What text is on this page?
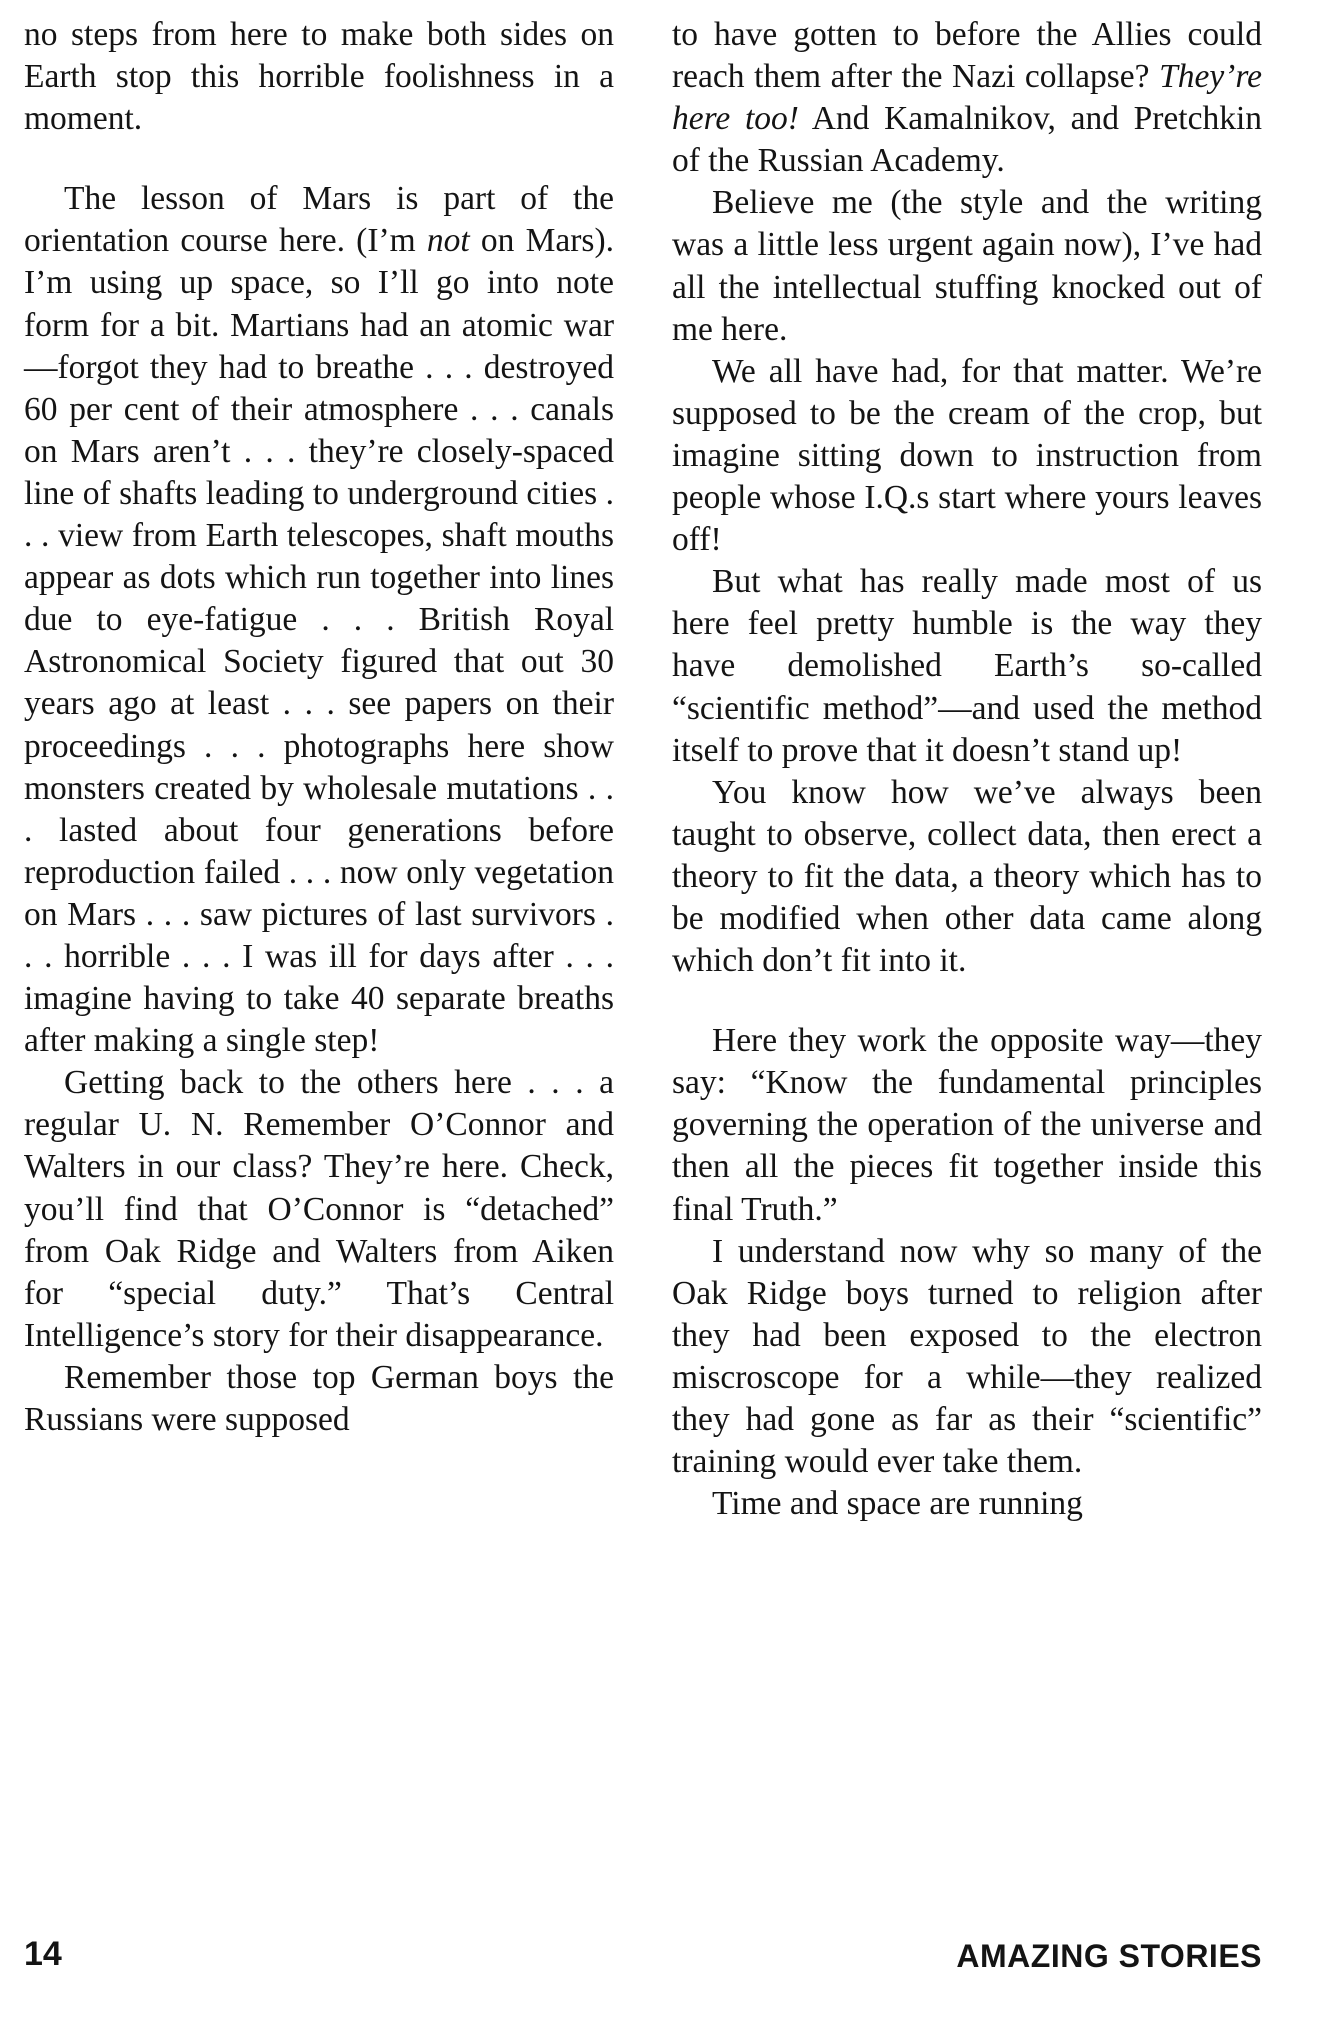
no steps from here to make both sides on Earth stop this horrible foolishness in a moment.

The lesson of Mars is part of the orientation course here. (I’m not on Mars). I’m using up space, so I’ll go into note form for a bit. Martians had an atomic war—forgot they had to breathe . . . destroyed 60 per cent of their atmosphere . . . canals on Mars aren’t . . . they’re closely-spaced line of shafts leading to underground cities . . . view from Earth telescopes, shaft mouths appear as dots which run together into lines due to eye-fatigue . . . British Royal Astronomical Society figured that out 30 years ago at least . . . see papers on their proceedings . . . photographs here show monsters created by wholesale mutations . . . lasted about four generations before reproduction failed . . . now only vegetation on Mars . . . saw pictures of last survivors . . . horrible . . . I was ill for days after . . . imagine having to take 40 separate breaths after making a single step!

Getting back to the others here . . . a regular U. N. Remember O’Connor and Walters in our class? They’re here. Check, you’ll find that O’Connor is “detached” from Oak Ridge and Walters from Aiken for “special duty.” That’s Central Intelligence’s story for their disappearance.

Remember those top German boys the Russians were supposed

to have gotten to before the Allies could reach them after the Nazi collapse? They’re here too! And Kamalnikov, and Pretchkin of the Russian Academy.

Believe me (the style and the writing was a little less urgent again now), I’ve had all the intellectual stuffing knocked out of me here.

We all have had, for that matter. We’re supposed to be the cream of the crop, but imagine sitting down to instruction from people whose I.Q.s start where yours leaves off!

But what has really made most of us here feel pretty humble is the way they have demolished Earth’s so-called “scientific method”—and used the method itself to prove that it doesn’t stand up!

You know how we’ve always been taught to observe, collect data, then erect a theory to fit the data, a theory which has to be modified when other data came along which don’t fit into it.

Here they work the opposite way—they say: “Know the fundamental principles governing the operation of the universe and then all the pieces fit together inside this final Truth.”

I understand now why so many of the Oak Ridge boys turned to religion after they had been exposed to the electron miscroscope for a while—they realized they had gone as far as their “scientific” training would ever take them.

Time and space are running

14	AMAZING STORIES
